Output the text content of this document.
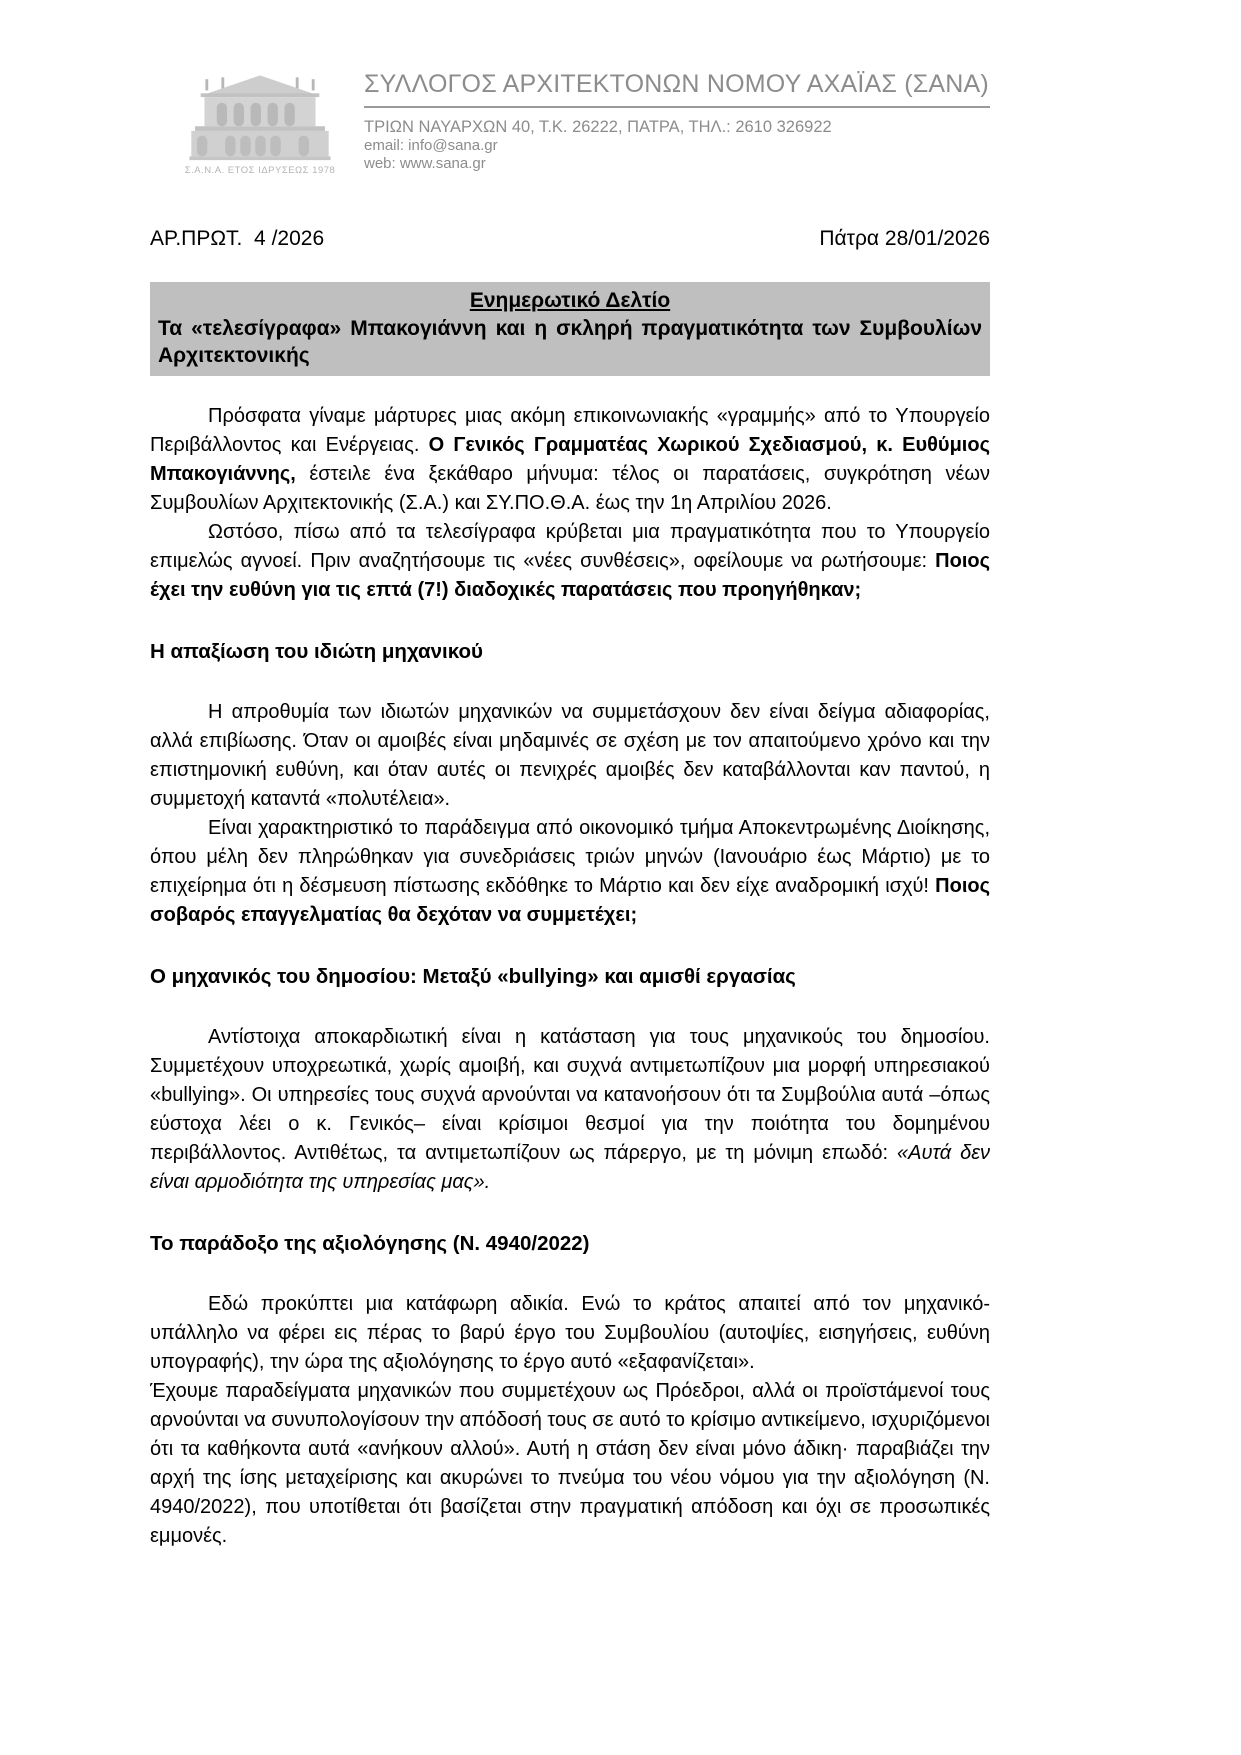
Σ.Α.Ν.Α. ΕΤΟΣ ΙΔΡΥΣΕΩΣ 1978
ΣΥΛΛΟΓΟΣ ΑΡΧΙΤΕΚΤΟΝΩΝ ΝΟΜΟΥ ΑΧΑΪΑΣ (ΣΑΝΑ)
ΤΡΙΩΝ ΝΑΥΑΡΧΩΝ 40, Τ.Κ. 26222, ΠΑΤΡΑ, ΤΗΛ.: 2610 326922
email: info@sana.gr
web: www.sana.gr
ΑΡ.ΠΡΩΤ.  4 /2026	Πάτρα 28/01/2026
Ενημερωτικό Δελτίο
Τα «τελεσίγραφα» Μπακογιάννη και η σκληρή πραγματικότητα των Συμβουλίων Αρχιτεκτονικής

Πρόσφατα γίναμε μάρτυρες μιας ακόμη επικοινωνιακής «γραμμής» από το Υπουργείο Περιβάλλοντος και Ενέργειας. Ο Γενικός Γραμματέας Χωρικού Σχεδιασμού, κ. Ευθύμιος Μπακογιάννης, έστειλε ένα ξεκάθαρο μήνυμα: τέλος οι παρατάσεις, συγκρότηση νέων Συμβουλίων Αρχιτεκτονικής (Σ.Α.) και ΣΥ.ΠΟ.Θ.Α. έως την 1η Απριλίου 2026.

Ωστόσο, πίσω από τα τελεσίγραφα κρύβεται μια πραγματικότητα που το Υπουργείο επιμελώς αγνοεί. Πριν αναζητήσουμε τις «νέες συνθέσεις», οφείλουμε να ρωτήσουμε: Ποιος έχει την ευθύνη για τις επτά (7!) διαδοχικές παρατάσεις που προηγήθηκαν;

Η απαξίωση του ιδιώτη μηχανικού

Η απροθυμία των ιδιωτών μηχανικών να συμμετάσχουν δεν είναι δείγμα αδιαφορίας, αλλά επιβίωσης. Όταν οι αμοιβές είναι μηδαμινές σε σχέση με τον απαιτούμενο χρόνο και την επιστημονική ευθύνη, και όταν αυτές οι πενιχρές αμοιβές δεν καταβάλλονται καν παντού, η συμμετοχή καταντά «πολυτέλεια».

Είναι χαρακτηριστικό το παράδειγμα από οικονομικό τμήμα Αποκεντρωμένης Διοίκησης, όπου μέλη δεν πληρώθηκαν για συνεδριάσεις τριών μηνών (Ιανουάριο έως Μάρτιο) με το επιχείρημα ότι η δέσμευση πίστωσης εκδόθηκε το Μάρτιο και δεν είχε αναδρομική ισχύ! Ποιος σοβαρός επαγγελματίας θα δεχόταν να συμμετέχει;

Ο μηχανικός του δημοσίου: Μεταξύ «bullying» και αμισθί εργασίας

Αντίστοιχα αποκαρδιωτική είναι η κατάσταση για τους μηχανικούς του δημοσίου. Συμμετέχουν υποχρεωτικά, χωρίς αμοιβή, και συχνά αντιμετωπίζουν μια μορφή υπηρεσιακού «bullying». Οι υπηρεσίες τους συχνά αρνούνται να κατανοήσουν ότι τα Συμβούλια αυτά –όπως εύστοχα λέει ο κ. Γενικός– είναι κρίσιμοι θεσμοί για την ποιότητα του δομημένου περιβάλλοντος. Αντιθέτως, τα αντιμετωπίζουν ως πάρεργο, με τη μόνιμη επωδό: «Αυτά δεν είναι αρμοδιότητα της υπηρεσίας μας».

Το παράδοξο της αξιολόγησης (Ν. 4940/2022)

Εδώ προκύπτει μια κατάφωρη αδικία. Ενώ το κράτος απαιτεί από τον μηχανικό-υπάλληλο να φέρει εις πέρας το βαρύ έργο του Συμβουλίου (αυτοψίες, εισηγήσεις, ευθύνη υπογραφής), την ώρα της αξιολόγησης το έργο αυτό «εξαφανίζεται».

Έχουμε παραδείγματα μηχανικών που συμμετέχουν ως Πρόεδροι, αλλά οι προϊστάμενοί τους αρνούνται να συνυπολογίσουν την απόδοσή τους σε αυτό το κρίσιμο αντικείμενο, ισχυριζόμενοι ότι τα καθήκοντα αυτά «ανήκουν αλλού». Αυτή η στάση δεν είναι μόνο άδικη· παραβιάζει την αρχή της ίσης μεταχείρισης και ακυρώνει το πνεύμα του νέου νόμου για την αξιολόγηση (Ν. 4940/2022), που υποτίθεται ότι βασίζεται στην πραγματική απόδοση και όχι σε προσωπικές εμμονές.
